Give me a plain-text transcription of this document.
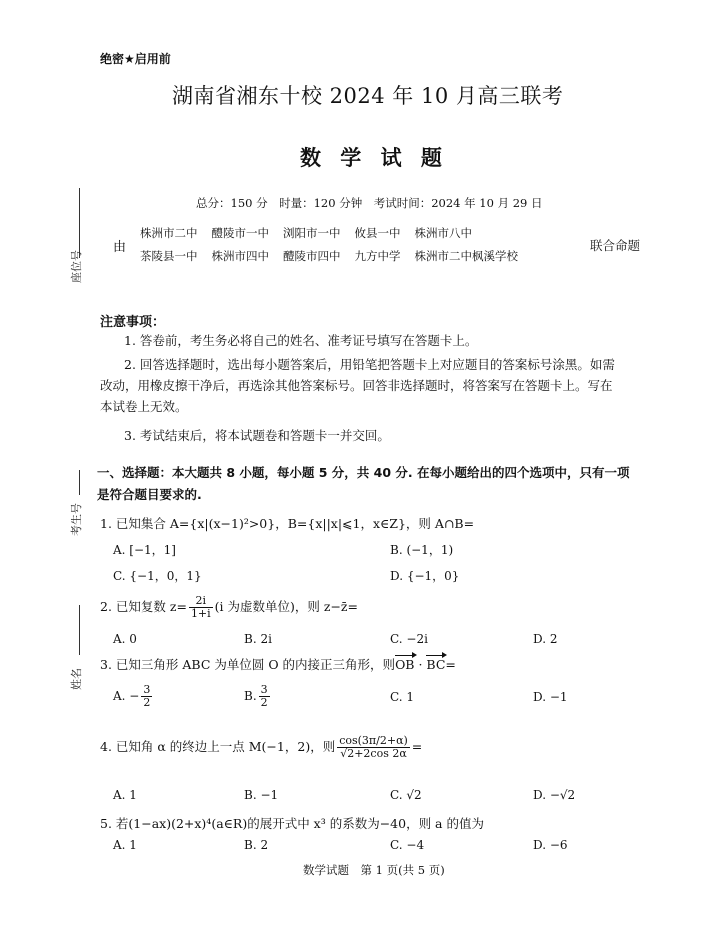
座位号
考生号
姓名
绝密★启用前
湖南省湘东十校 2024 年 10 月高三联考
数 学 试 题
总分：150 分　时量：120 分钟　考试时间：2024 年 10 月 29 日
由
株洲市二中 醴陵市一中 浏阳市一中 攸县一中 株洲市八中
茶陵县一中 株洲市四中 醴陵市四中 九方中学 株洲市二中枫溪学校
联合命题
注意事项：
1. 答卷前，考生务必将自己的姓名、准考证号填写在答题卡上。
2. 回答选择题时，选出每小题答案后，用铅笔把答题卡上对应题目的答案标号涂黑。如需改动，用橡皮擦干净后，再选涂其他答案标号。回答非选择题时，将答案写在答题卡上。写在本试卷上无效。
3. 考试结束后，将本试题卷和答题卡一并交回。
一、选择题：本大题共 8 小题，每小题 5 分，共 40 分. 在每小题给出的四个选项中，只有一项是符合题目要求的.
1. 已知集合 A={x|(x−1)²>0}，B={x||x|⩽1，x∈Z}，则 A∩B=
A. [−1，1]	B. (−1，1)
C. {−1，0，1}	D. {−1，0}
2. 已知复数 $z= \frac{2i}{1+i} (i$ 为虚数单位)，则 z−z̄=
A. 0	B. 2i	C. −2i	D. 2
3. 已知三角形 ABC 为单位圆 O 的内接正三角形，则OB · BC=
A. − $\frac{3}{2}$	B. $\frac{3}{2}$	C. 1	D. −1
4. 已知角 α 的终边上一点 M(−1，2)，则 $\frac{\cos(3\pi/2+\alpha)}{√2+2\cos 2\alpha}$ =
A. 1	B. −1	C. √2	D. −√2
5. 若(1−ax)(2+x)⁴(a∈R)的展开式中 x³ 的系数为−40，则 a 的值为
A. 1	B. 2	C. −4	D. −6
数学试题　第 1 页(共 5 页)
